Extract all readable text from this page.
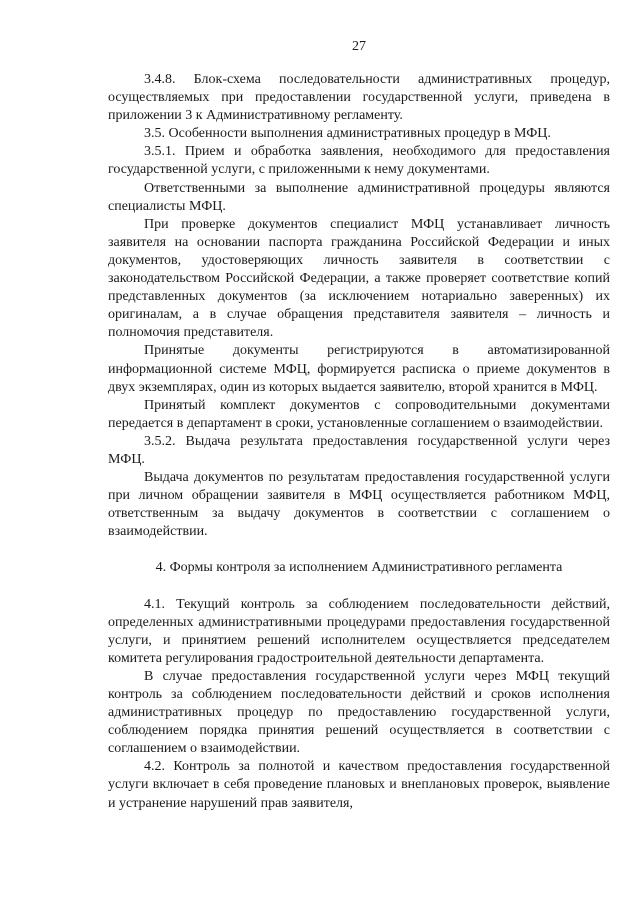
27

3.4.8. Блок-схема последовательности административных процедур, осуществляемых при предоставлении государственной услуги, приведена в приложении 3 к Административному регламенту.

3.5. Особенности выполнения административных процедур в МФЦ.

3.5.1. Прием и обработка заявления, необходимого для предоставления государственной услуги, с приложенными к нему документами.

Ответственными за выполнение административной процедуры являются специалисты МФЦ.

При проверке документов специалист МФЦ устанавливает личность заявителя на основании паспорта гражданина Российской Федерации и иных документов, удостоверяющих личность заявителя в соответствии с законодательством Российской Федерации, а также проверяет соответствие копий представленных документов (за исключением нотариально заверенных) их оригиналам, а в случае обращения представителя заявителя – личность и полномочия представителя.

Принятые документы регистрируются в автоматизированной информационной системе МФЦ, формируется расписка о приеме документов в двух экземплярах, один из которых выдается заявителю, второй хранится в МФЦ.

Принятый комплект документов с сопроводительными документами передается в департамент в сроки, установленные соглашением о взаимодействии.

3.5.2. Выдача результата предоставления государственной услуги через МФЦ.

Выдача документов по результатам предоставления государственной услуги при личном обращении заявителя в МФЦ осуществляется работником МФЦ, ответственным за выдачу документов в соответствии с соглашением о взаимодействии.

4. Формы контроля за исполнением Административного регламента

4.1. Текущий контроль за соблюдением последовательности действий, определенных административными процедурами предоставления государственной услуги, и принятием решений исполнителем осуществляется председателем комитета регулирования градостроительной деятельности департамента.

В случае предоставления государственной услуги через МФЦ текущий контроль за соблюдением последовательности действий и сроков исполнения административных процедур по предоставлению государственной услуги, соблюдением порядка принятия решений осуществляется в соответствии с соглашением о взаимодействии.

4.2. Контроль за полнотой и качеством предоставления государственной услуги включает в себя проведение плановых и внеплановых проверок, выявление и устранение нарушений прав заявителя,
